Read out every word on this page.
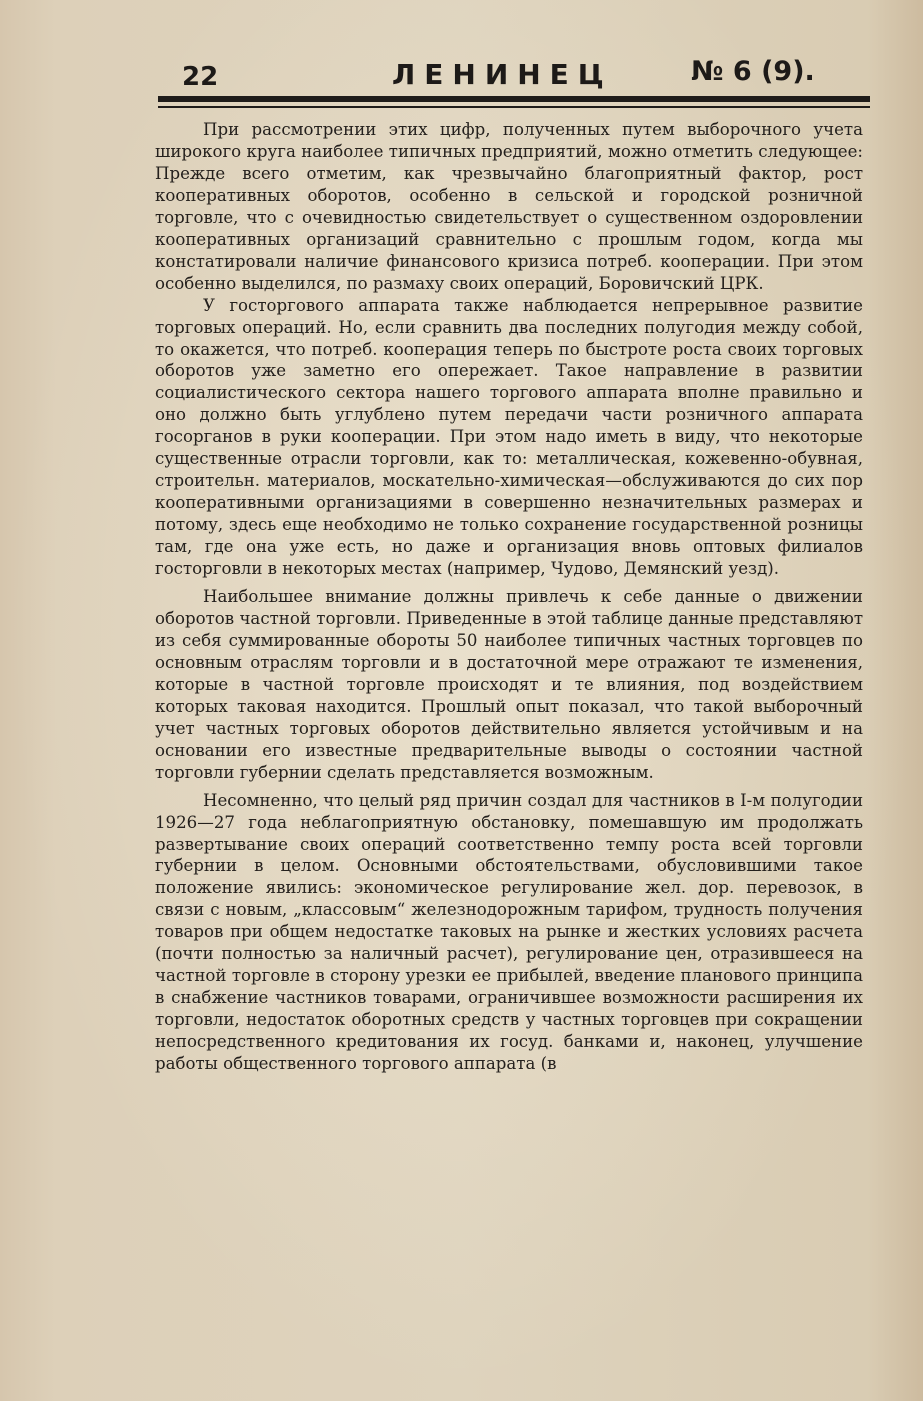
22	ЛЕНИНЕЦ	№ 6 (9).

При рассмотрении этих цифр, полученных путем выборочного учета широкого круга наиболее типичных предприятий, можно отметить следующее: Прежде всего отметим, как чрезвычайно благоприятный фактор, рост кооперативных оборотов, особенно в сельской и городской розничной торговле, что с очевидностью свидетельствует о существенном оздоровлении кооперативных организаций сравнительно с прошлым годом, когда мы констатировали наличие финансового кризиса потреб. кооперации. При этом особенно выделился, по размаху своих операций, Боровичский ЦРК.

У госторгового аппарата также наблюдается непрерывное развитие торговых операций. Но, если сравнить два последних полугодия между собой, то окажется, что потреб. кооперация теперь по быстроте роста своих торговых оборотов уже заметно его опережает. Такое направление в развитии социалистического сектора нашего торгового аппарата вполне правильно и оно должно быть углублено путем передачи части розничного аппарата госорганов в руки кооперации. При этом надо иметь в виду, что некоторые существенные отрасли торговли, как то: металлическая, кожевенно-обувная, строительн. материалов, москательно-химическая—обслуживаются до сих пор кооперативными организациями в совершенно незначительных размерах и потому, здесь еще необходимо не только сохранение государственной розницы там, где она уже есть, но даже и организация вновь оптовых филиалов госторговли в некоторых местах (например, Чудово, Демянский уезд).

Наибольшее внимание должны привлечь к себе данные о движении оборотов частной торговли. Приведенные в этой таблице данные представляют из себя суммированные обороты 50 наиболее типичных частных торговцев по основным отраслям торговли и в достаточной мере отражают те изменения, которые в частной торговле происходят и те влияния, под воздействием которых таковая находится. Прошлый опыт показал, что такой выборочный учет частных торговых оборотов действительно является устойчивым и на основании его известные предварительные выводы о состоянии частной торговли губернии сделать представляется возможным.

Несомненно, что целый ряд причин создал для частников в I-м полугодии 1926—27 года неблагоприятную обстановку, помешавшую им продолжать развертывание своих операций соответственно темпу роста всей торговли губернии в целом. Основными обстоятельствами, обусловившими такое положение явились: экономическое регулирование жел. дор. перевозок, в связи с новым, „классовым“ железнодорожным тарифом, трудность получения товаров при общем недостатке таковых на рынке и жестких условиях расчета (почти полностью за наличный расчет), регулирование цен, отразившееся на частной торговле в сторону урезки ее прибылей, введение планового принципа в снабжение частников товарами, ограничившее возможности расширения их торговли, недостаток оборотных средств у частных торговцев при сокращении непосредственного кредитования их госуд. банками и, наконец, улучшение работы общественного торгового аппарата (в
